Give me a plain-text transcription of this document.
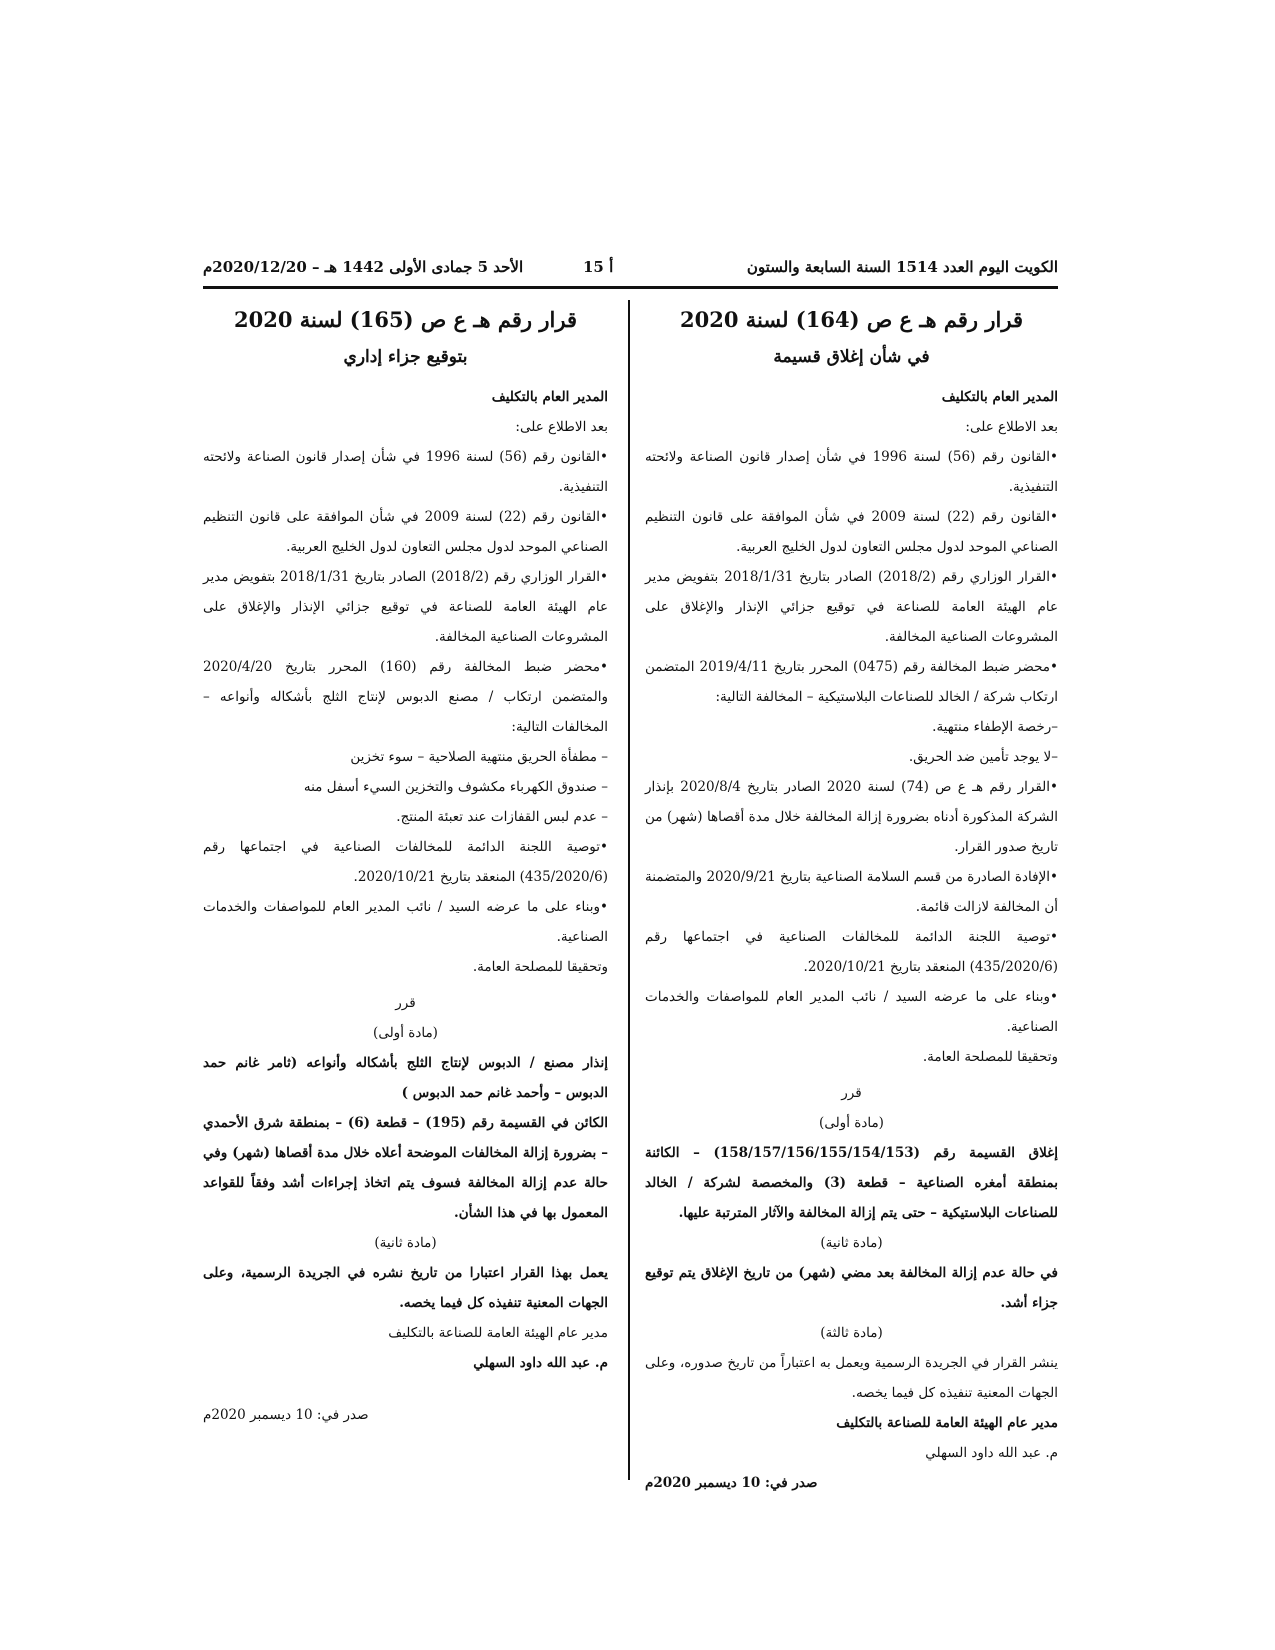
الكويت اليوم العدد 1514 السنة السابعة والستون
أ 15
الأحد 5 جمادى الأولى 1442 هـ – 2020/12/20م
قرار رقم هـ ع ص (164) لسنة 2020
في شأن إغلاق قسيمة

المدير العام بالتكليف

بعد الاطلاع على:

•القانون رقم (56) لسنة 1996 في شأن إصدار قانون الصناعة ولائحته التنفيذية.

•القانون رقم (22) لسنة 2009 في شأن الموافقة على قانون التنظيم الصناعي الموحد لدول مجلس التعاون لدول الخليج العربية.

•القرار الوزاري رقم (2018/2) الصادر بتاريخ 2018/1/31 بتفويض مدير عام الهيئة العامة للصناعة في توقيع جزائي الإنذار والإغلاق على المشروعات الصناعية المخالفة.

•محضر ضبط المخالفة رقم (0475) المحرر بتاريخ 2019/4/11 المتضمن ارتكاب شركة / الخالد للصناعات البلاستيكية – المخالفة التالية:

–رخصة الإطفاء منتهية.

–لا يوجد تأمين ضد الحريق.

•القرار رقم هـ ع ص (74) لسنة 2020 الصادر بتاريخ 2020/8/4 بإنذار الشركة المذكورة أدناه بضرورة إزالة المخالفة خلال مدة أقصاها (شهر) من تاريخ صدور القرار.

•الإفادة الصادرة من قسم السلامة الصناعية بتاريخ 2020/9/21 والمتضمنة أن المخالفة لازالت قائمة.

•توصية اللجنة الدائمة للمخالفات الصناعية في اجتماعها رقم (435/2020/6) المنعقد بتاريخ 2020/10/21.

•وبناء على ما عرضه السيد / نائب المدير العام للمواصفات والخدمات الصناعية.

وتحقيقا للمصلحة العامة.

قرر

(مادة أولى)

إغلاق القسيمة رقم (158/157/156/155/154/153) – الكائنة بمنطقة أمغره الصناعية – قطعة (3) والمخصصة لشركة / الخالد للصناعات البلاستيكية – حتى يتم إزالة المخالفة والآثار المترتبة عليها.

(مادة ثانية)

في حالة عدم إزالة المخالفة بعد مضي (شهر) من تاريخ الإغلاق يتم توقيع جزاء أشد.

(مادة ثالثة)

ينشر القرار في الجريدة الرسمية ويعمل به اعتباراً من تاريخ صدوره، وعلى الجهات المعنية تنفيذه كل فيما يخصه.

مدير عام الهيئة العامة للصناعة بالتكليف

م. عبد الله داود السهلي

صدر في: 10 ديسمبر 2020م

قرار رقم هـ ع ص (165) لسنة 2020
بتوقيع جزاء إداري

المدير العام بالتكليف

بعد الاطلاع على:

•القانون رقم (56) لسنة 1996 في شأن إصدار قانون الصناعة ولائحته التنفيذية.

•القانون رقم (22) لسنة 2009 في شأن الموافقة على قانون التنظيم الصناعي الموحد لدول مجلس التعاون لدول الخليج العربية.

•القرار الوزاري رقم (2018/2) الصادر بتاريخ 2018/1/31 بتفويض مدير عام الهيئة العامة للصناعة في توقيع جزائي الإنذار والإغلاق على المشروعات الصناعية المخالفة.

•محضر ضبط المخالفة رقم (160) المحرر بتاريخ 2020/4/20 والمتضمن ارتكاب / مصنع الدبوس لإنتاج الثلج بأشكاله وأنواعه – المخالفات التالية:

– مطفأة الحريق منتهية الصلاحية – سوء تخزين

– صندوق الكهرباء مكشوف والتخزين السيء أسفل منه

– عدم لبس القفازات عند تعبئة المنتج.

•توصية اللجنة الدائمة للمخالفات الصناعية في اجتماعها رقم (435/2020/6) المنعقد بتاريخ 2020/10/21.

•وبناء على ما عرضه السيد / نائب المدير العام للمواصفات والخدمات الصناعية.

وتحقيقا للمصلحة العامة.

قرر

(مادة أولى)

إنذار مصنع / الدبوس لإنتاج الثلج بأشكاله وأنواعه (ثامر غانم حمد الدبوس – وأحمد غانم حمد الدبوس )

الكائن في القسيمة رقم (195) – قطعة (6) – بمنطقة شرق الأحمدي – بضرورة إزالة المخالفات الموضحة أعلاه خلال مدة أقصاها (شهر) وفي حالة عدم إزالة المخالفة فسوف يتم اتخاذ إجراءات أشد وفقاً للقواعد المعمول بها في هذا الشأن.

(مادة ثانية)

يعمل بهذا القرار اعتبارا من تاريخ نشره في الجريدة الرسمية، وعلى الجهات المعنية تنفيذه كل فيما يخصه.

مدير عام الهيئة العامة للصناعة بالتكليف

م. عبد الله داود السهلي

صدر في: 10 ديسمبر 2020م
